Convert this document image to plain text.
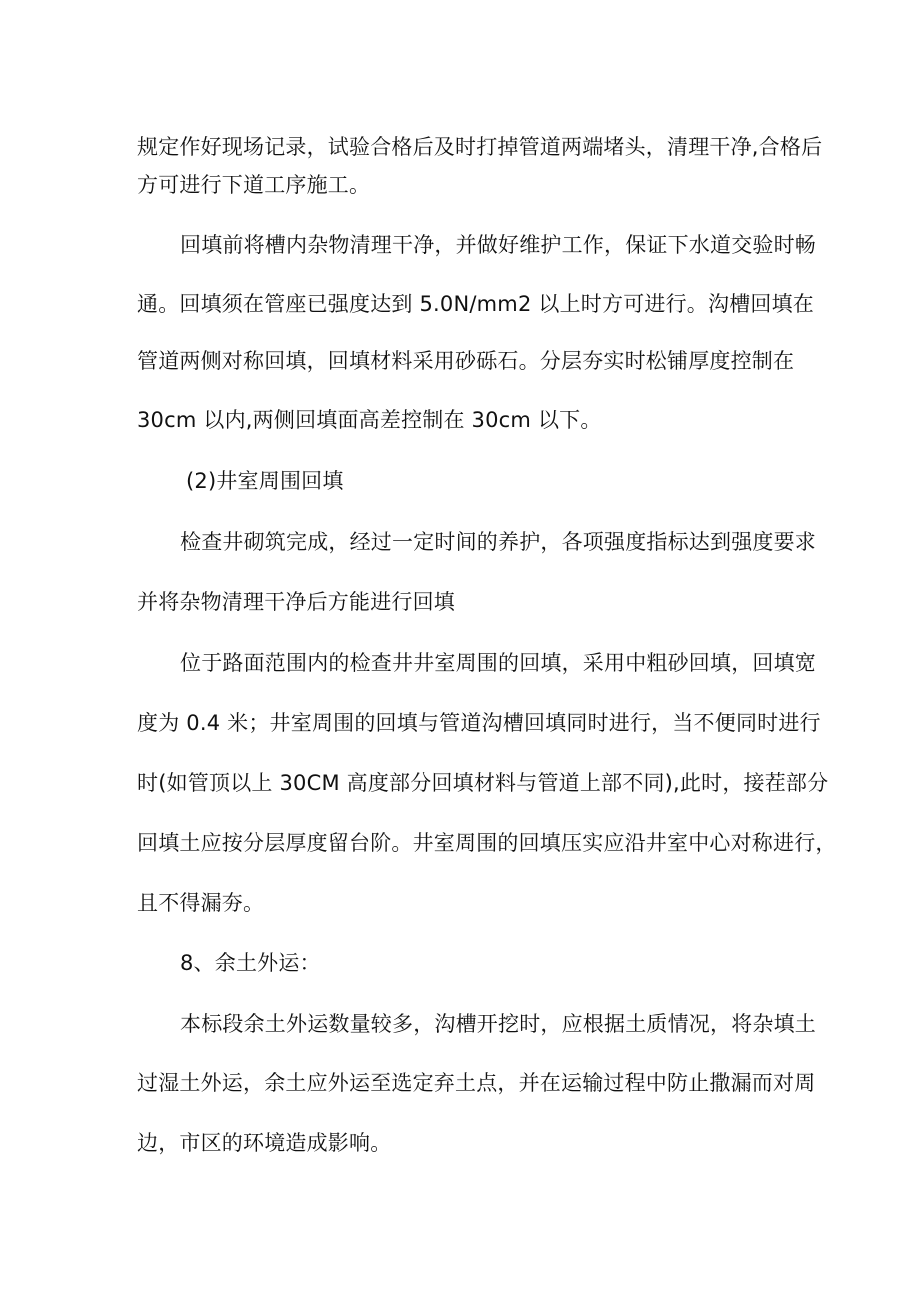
规定作好现场记录，试验合格后及时打掉管道两端堵头，清理干净,合格后
方可进行下道工序施工。
回填前将槽内杂物清理干净，并做好维护工作，保证下水道交验时畅
通。回填须在管座已强度达到 5.0N/mm2 以上时方可进行。沟槽回填在
管道两侧对称回填，回填材料采用砂砾石。分层夯实时松铺厚度控制在
30cm 以内,两侧回填面高差控制在 30cm 以下。
(2)井室周围回填
检查井砌筑完成，经过一定时间的养护，各项强度指标达到强度要求
并将杂物清理干净后方能进行回填
位于路面范围内的检查井井室周围的回填，采用中粗砂回填，回填宽
度为 0.4 米；井室周围的回填与管道沟槽回填同时进行，当不便同时进行
时(如管顶以上 30CM 高度部分回填材料与管道上部不同),此时，接茬部分
回填土应按分层厚度留台阶。井室周围的回填压实应沿井室中心对称进行，
且不得漏夯。
8、余土外运：
本标段余土外运数量较多，沟槽开挖时，应根据土质情况，将杂填土
过湿土外运，余土应外运至选定弃土点，并在运输过程中防止撒漏而对周
边，市区的环境造成影响。
